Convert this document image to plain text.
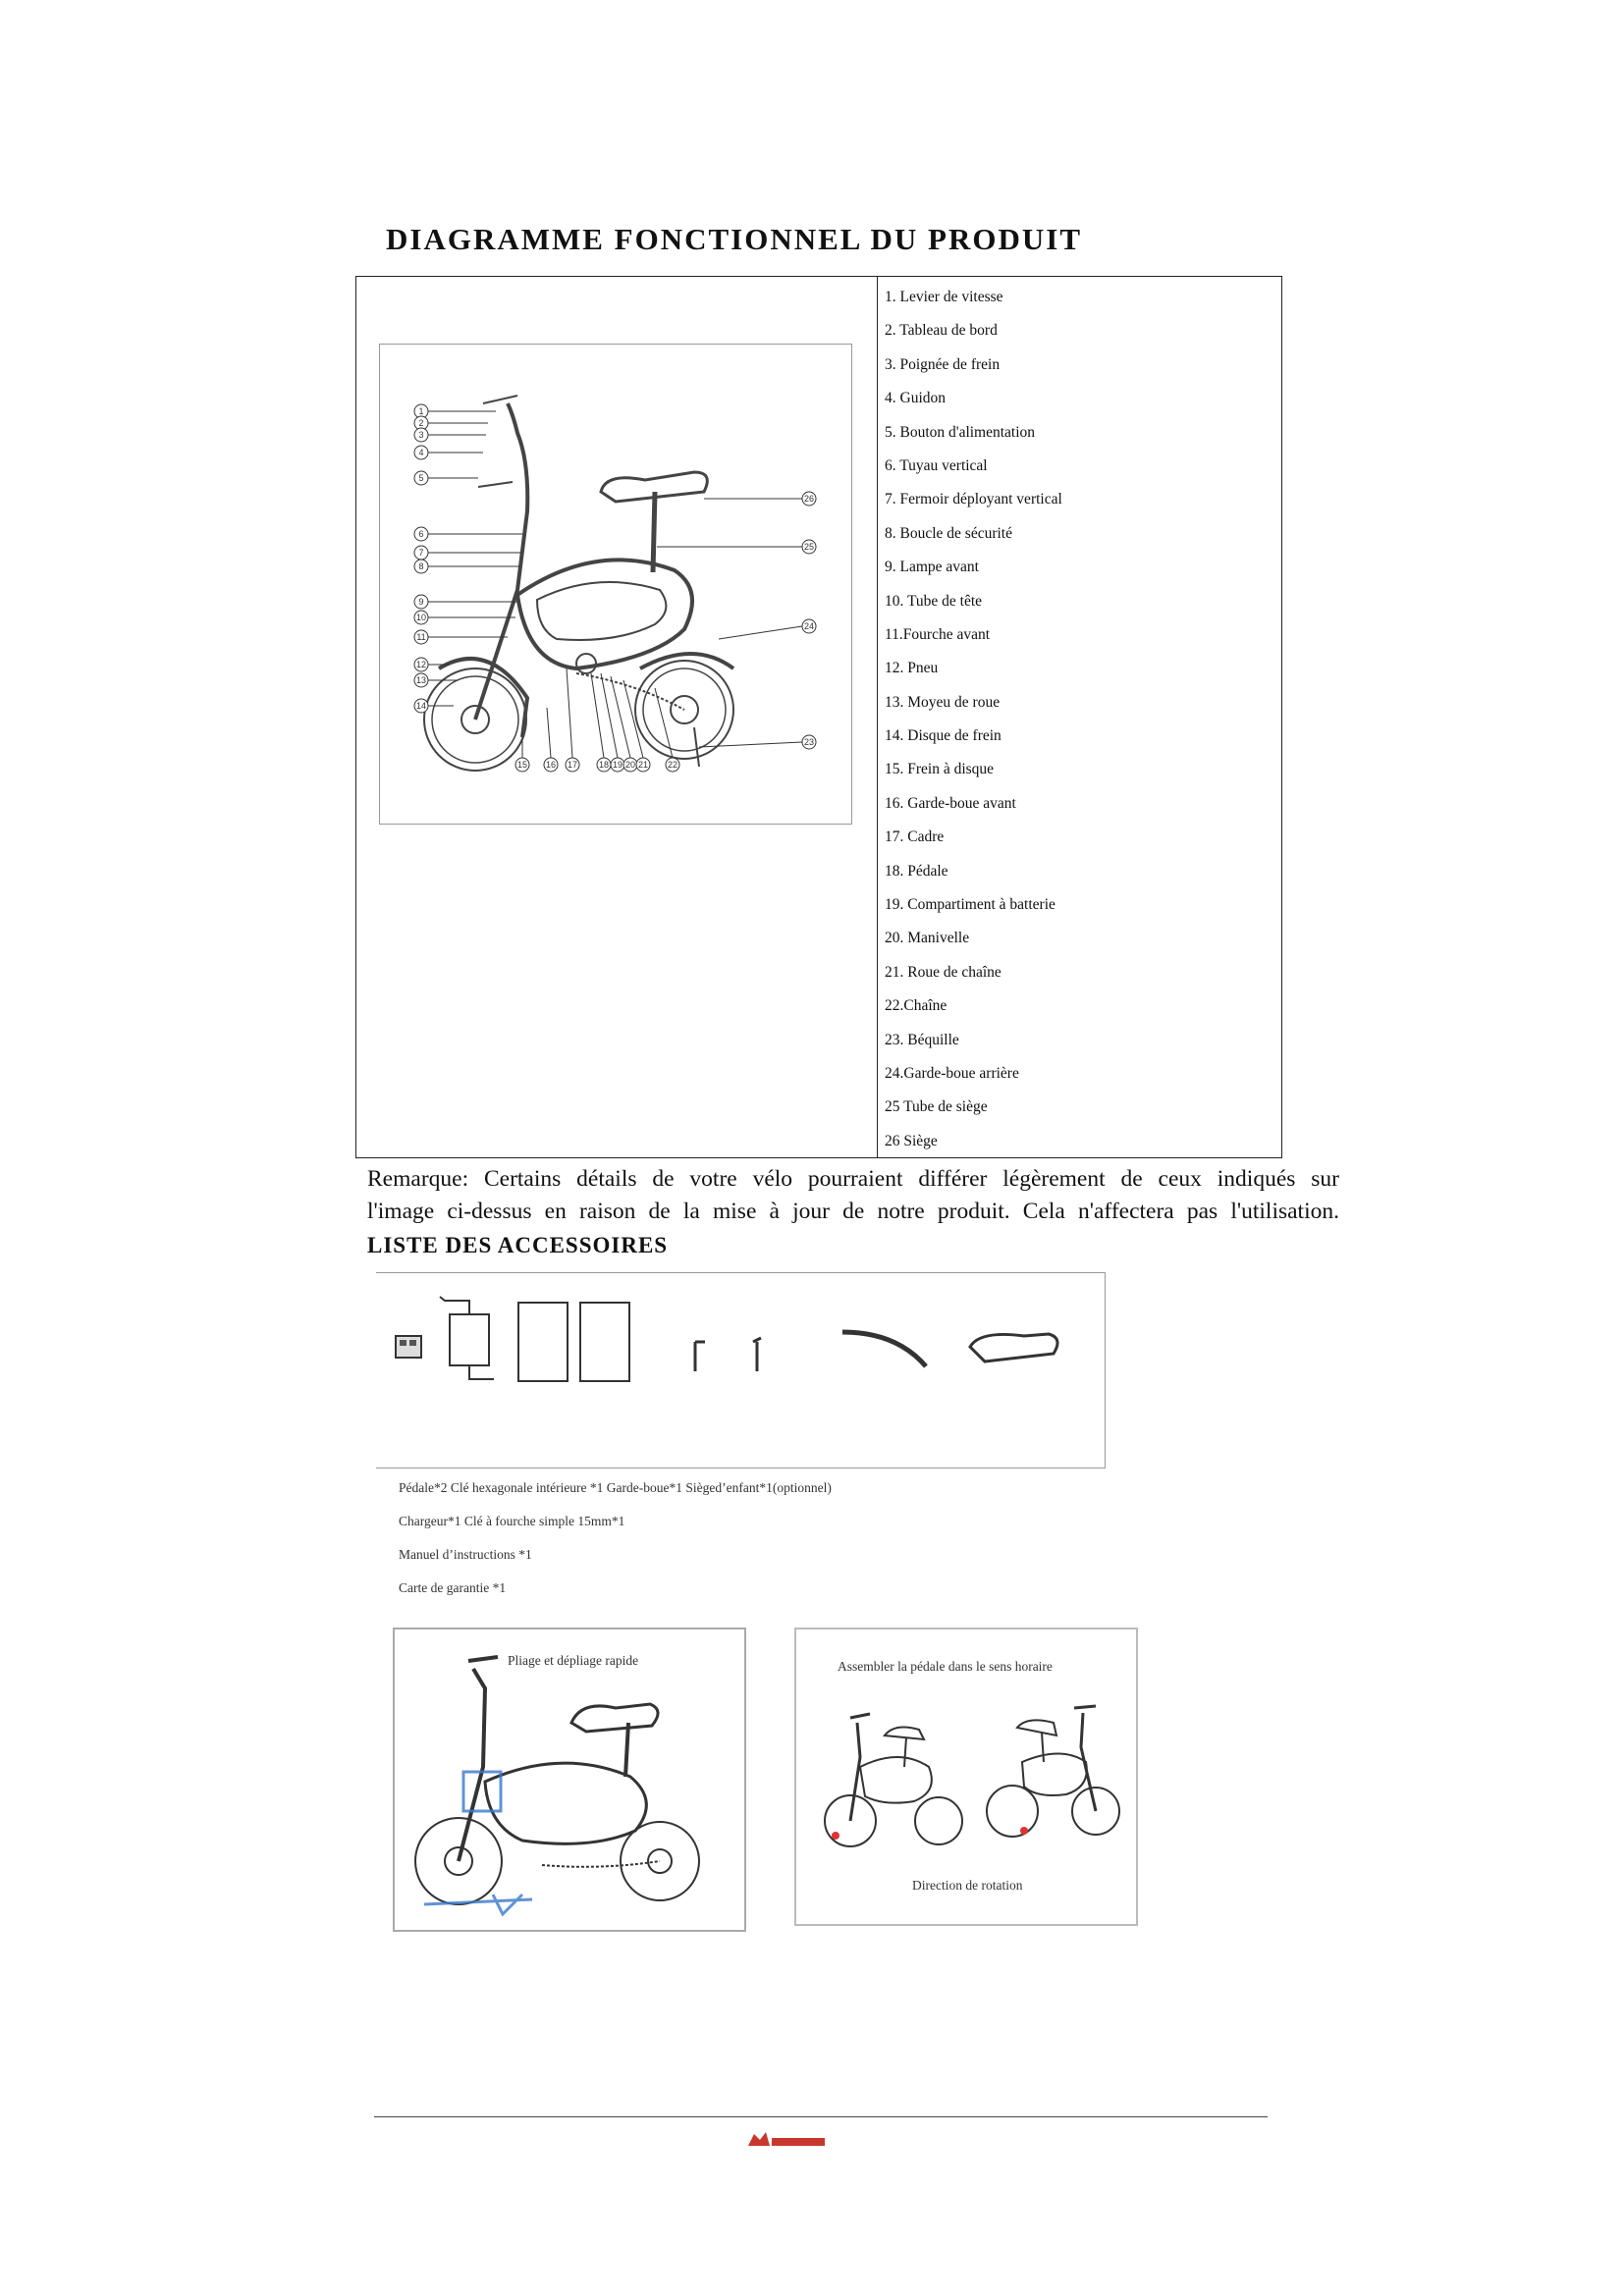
DIAGRAMME FONCTIONNEL DU PRODUIT
1
2
3
4
5
6
7
8
9
10
11
12
13
14
15 16 17 18 19 20 21 22
26
25
24
23
1. Levier de vitesse
2. Tableau de bord
3. Poignée de frein
4. Guidon
5. Bouton d'alimentation
6. Tuyau vertical
7. Fermoir déployant vertical
8. Boucle de sécurité
9. Lampe avant
10. Tube de tête
11.Fourche avant
12. Pneu
13. Moyeu de roue
14. Disque de frein
15. Frein à disque
16. Garde-boue avant
17. Cadre
18. Pédale
19. Compartiment à batterie
20. Manivelle
21. Roue de chaîne
22.Chaîne
23. Béquille
24.Garde-boue arrière
25 Tube de siège
26 Siège
Remarque: Certains détails de votre vélo pourraient différer légèrement de ceux indiqués sur
l'image ci-dessus en raison de la mise à jour de notre produit. Cela n'affectera pas l'utilisation.
LISTE DES ACCESSOIRES
Pédale*2 Clé hexagonale intérieure *1 Garde-boue*1 Siègedʼenfant*1(optionnel)
Chargeur*1 Clé à fourche simple 15mm*1
Manuel dʼinstructions *1
Carte de garantie *1
Pliage et dépliage rapide	Assembler la pédale dans le sens horaire
Direction de rotation
